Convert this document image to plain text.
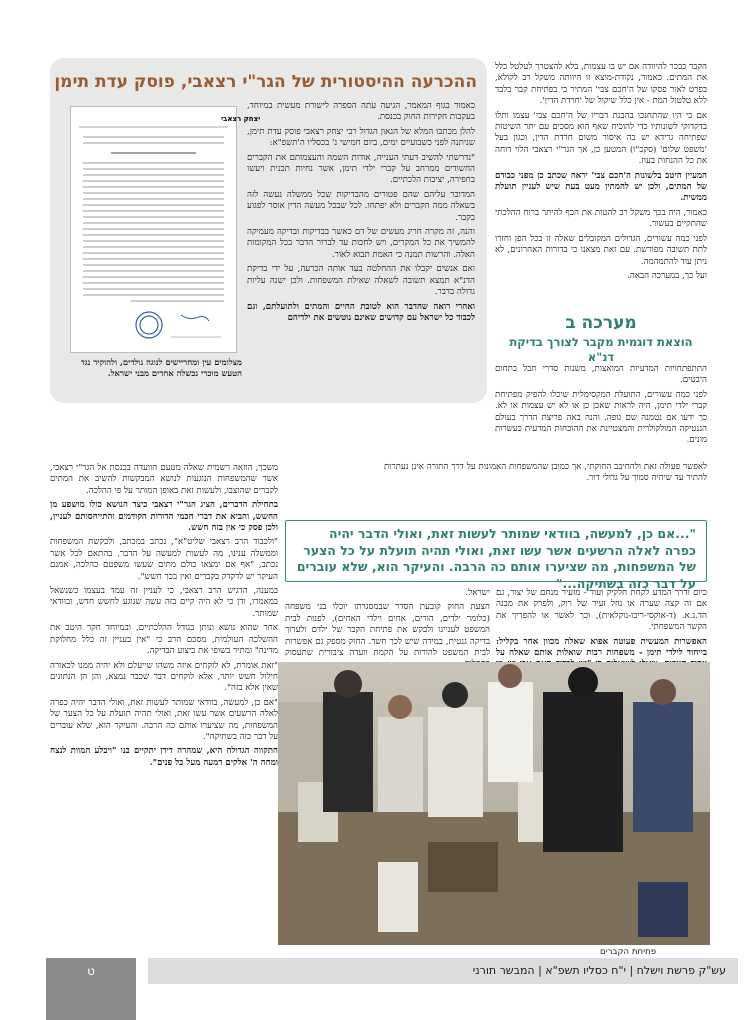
ההכרעה ההיסטורית של הגר"י רצאבי, פוסק עדת תימן
יצחק רצאבי
מצלומים עין ומחריישים לנוגה נולדים, ולהוקיר נגד הטעש מוכרי נכשלה אחדים מבני ישראל.

כאמור בגוף המאמר, הגיעה עתה הספרה לישורת מעשית במיוחד, בעקבות חקירות החוק בכנסת.

להלן מכתבו המלא של הגאון הגדול רבי יצחק רצאבי פוסק עדת תימן, שניתנה לפני כשבועיים ימים, ביום חמישי נ' בכסליו ה'תשפ"א:

"נדרשתי להשיב דעתי הענייה, אודות השמה והעצמותם את הקברים החשודים ממרחב על קברי ילדי תימן, אשר נחיות תכנית ויעשו בחפירה, יציבות הלכתיים.

המדובר עליהם שהם פטורים מהבדיקות שכל ממשלה נעשה לזה בשאלה ממה הקברים ולא יפתחו. לכל שבכל מעשה הדין אוסר לפגוע בקבר.

והנה, זה מקרה חריג מעשים של דם כאשר בבדיקות ובדיקה מעמיקה להמשיך את כל המקרים, ויש לחכות עד לברור הדבר בכל המקומות האלה. והרשות תמנה כי האמת תבוא לאור.

ואם אנשים יקבלו את ההחלטה בעד אותה הכרעה, על ידי בדיקת הדנ"א תמצא תשובה לשאלה שאילת המשפחות. ולכן ישנה עליות גדולה בדבר.

ואחרי רואה שהדבר הוא לטובת החיים והמתים ולתועלתם, וגם לכבוד כל ישראל עם קדושים שאינם נוטשים את ילדיהם

הקבר כבכר להיוודה אם יש בו עצמות, בלא להצטרך לטלטל כלל את המתים. כאמור, נקודת-מוצא זו היוותה משקל רב לקולא, בפרט לאור פסקו של ה'חכם צבי' המתיר כי בפתיחת קבר בלבד ללא טלטול המת - אין כלל שיקול של 'חרדת הדין'.

אם כי היו שהתחנכו בהבנת דבריו של ה'חכם צבי' עצמו ותלו בדקדוקי לשונותיו כדי להוכיח שאף הוא מסכים עם יתר השיטות שפתיחה גרידא יש בה איסור משום חרדת הדין, וכגון בעל 'משפט שלום' (סקכ"ו) המטען כן, אך הגר"י רצאבי הלוי דוחה את כל ההנחות בעוז.

המעיין היטב בלשונות ה'חכם צבי' יראה שכתב כן מפני כבודם של המתים, ולכן יש להמתין מעט בעת שיש לעניין תועלת ממשית.

כאמור, היה בכך משקל רב להטות את הכף להיתר ברוח ההלכתי שהתקיים בעשור.

לפני כמה עשורים, הגדולים המקובלים שאלה זו בכל הפן וחזרו לתת תשובה מפורשת. עם זאת מצאנו כי בדורות האחרונים, לא ניתן עוד להתמהמה.

ועל כך, במערכה הבאה.

מערכה ב
הוצאת דוגמית מקבר לצורך בדיקת דנ"א

התתפתחויות המדעיות המואצות, משנות סדרי תבל בתחום היבטים.

לפני כמה עשורים, התועלת המקסימלית שיכלו להפיק מפתיחת קברי ילדי תימן, היה לראות שאכן כן או לא יש עצמות או לא. כך ידעו אם נטמנה שם גופה. והנה באה פריצת הדרך בעולם הגנטיקה המולקולרית והמצטיינת את ההוכחות המדעית כעשרות מונים.

לאפשר פעולה זאת ולהחיבב החוקתי, אך כמובן שהמשפחות האמונות על דרך התורה אינן נעתרות להתיר עד שיהיה סמוך על גדולי דור.

משכך, הוזאה רשמית שאלה מטעם הוועדה בכנסת אל הגר"י רצאבי, אשר שהמשפחות הנוגעות לנושא המבקשות להשיב את המתים לקברים שהוצבו, ולעשות זאת באופן המותר על פי ההלכה.

בתחילת הדברים, הציג הגר"י רצאבי כיצד הנושא כולו מושפע מן החשש, והביא את דברי חכמי הדורות הקודמים והתייחסותם לעניין, ולכן פסק כי אין בזה חשש.

"ולכבוד הרב רצאבי שליט"א", נכתב במכתב, ולבקשת המשפחות וממשלה ענינו, מה לעשות למעשה על הדבר. בהתאם לכל אשר נכתב, "אף אם ימצאו כולם מתים שעשו משפטם כהלכה, אמנם העיקר יש לדקדק בקברים ואין בכך חשש".

במענה, הדגיש הרב רצאבי, כי לעניין זה עמד בעצמו כשנשאל במאמרו, ודן כי לא היה קיים בזה עשה שנוגע לחשש חדש, ובוודאי שמותר.

אחר שהוא נושא ונותן בגודל ההלכתיים, ובמיוחד חקר היטב את ההשלכה העולמית, מסכם הרב כי "אין בעניין זה כלל מחלוקת מדינה" ומתיר בשופי את ביצוע הבדיקה.

"זאת אומרת, לא לוקחים איזה משהו שייעלם ולא יהיה ממנו לכאורה חילול חשש יותר, אלא לוקחים דבר שכבר נמצא, והן הן הנתונים שאין אלא בזה".

"אם כן, למעשה, בוודאי שמותר לעשות זאת, ואולי הדבר יהיה כפרה לאלה הרשעים אשר עשו זאת, ואולי תהיה תועלת על כל הצער של המשפחות, מה שציערו אותם כה הרבה. והעיקר הוא, שלא עוברים על דבר כזה בשתיקה".

התקווה הגדולה היא, שמהרה דידן יתקיים בנו "ויבלע המוות לנצח ומחה ה' אלקים דמעה מעל כל פנים".

"...אם כן, למעשה, בוודאי שמותר לעשות זאת, ואולי הדבר יהיה כפרה לאלה הרשעים אשר עשו זאת, ואולי תהיה תועלת על כל הצער של המשפחות, מה שציערו אותם כה הרבה. והעיקר הוא, שלא עוברים על דבר כזה בשתיקה..."

ישראל.

הצעת החוק קובעת הסדר שבמסגרתו יוכלו בני משפחה (כלומר ילדים, הורים, אחים וילדי האחים), לפנות לבית המשפט לעניינו ולבקש את פתיחת הקבר של ילדם ולערוך בדיקה גנטית, במידה שיש לכך חשד. החוק מספק גם אפשרות לבית המשפט להורות על הקמת וועדה ציבורית שתעסוק

כיום ודרך המדע לקחת חלקיק ועוד - מזעיר מנחם של יצור, גם אם זה קצה שערה או נוזל זעיר של רוק, ולפרק את מבנה הד.נ.א. (ד-אוקסי-ריבו-נוקלאית), וכך לאשר או להפריך את הקשר המשפחתי.

האפשרות המעשית פעוטה אפוא שאלה מכוון אחר בקליל: בייחוד לילדי תימן - משפחות רבות שואלות אותם שאלה על

פתיחת הקברים
עש"ק פרשת וישלח | י"ח כסליו תשפ"א | המבשר תורני
ט
